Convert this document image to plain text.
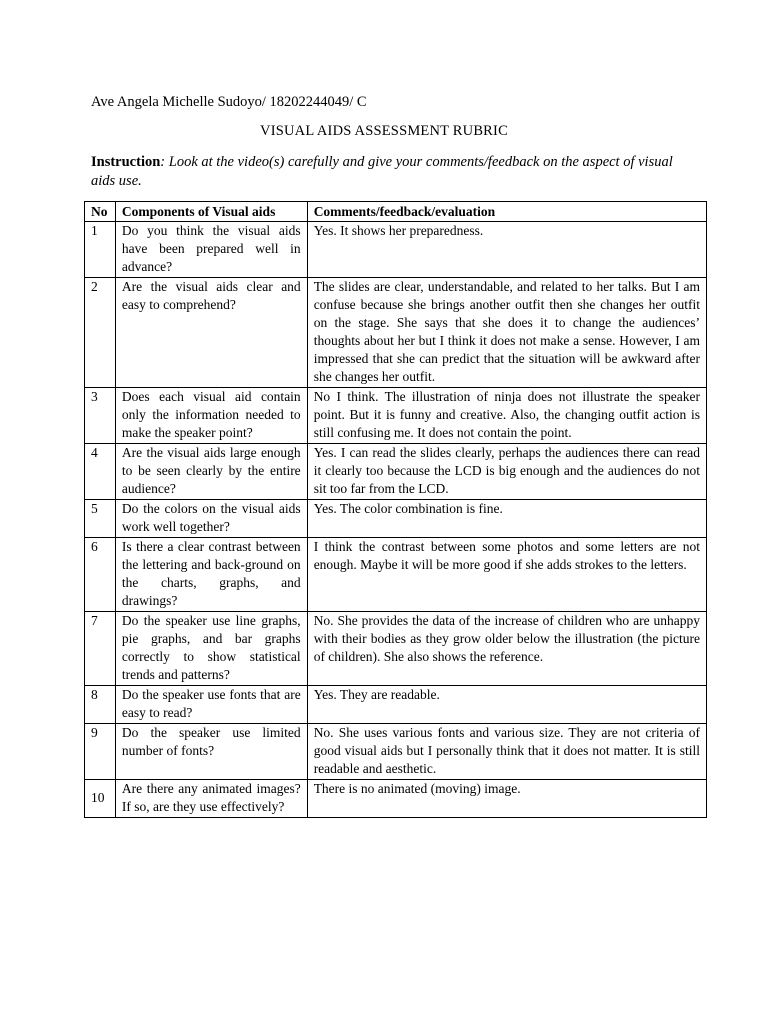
Ave Angela Michelle Sudoyo/ 18202244049/ C
VISUAL AIDS ASSESSMENT RUBRIC
Instruction: Look at the video(s) carefully and give your comments/feedback on the aspect of visual aids use.
No	Components of Visual aids	Comments/feedback/evaluation
1	Do you think the visual aids have been prepared well in advance?	Yes. It shows her preparedness.
2	Are the visual aids clear and easy to comprehend?	The slides are clear, understandable, and related to her talks. But I am confuse because she brings another outfit then she changes her outfit on the stage. She says that she does it to change the audiences’ thoughts about her but I think it does not make a sense. However, I am impressed that she can predict that the situation will be awkward after she changes her outfit.
3	Does each visual aid contain only the information needed to make the speaker point?	No I think. The illustration of ninja does not illustrate the speaker point. But it is funny and creative. Also, the changing outfit action is still confusing me. It does not contain the point.
4	Are the visual aids large enough to be seen clearly by the entire audience?	Yes. I can read the slides clearly, perhaps the audiences there can read it clearly too because the LCD is big enough and the audiences do not sit too far from the LCD.
5	Do the colors on the visual aids work well together?	Yes. The color combination is fine.
6	Is there a clear contrast between the lettering and back-ground on the charts, graphs, and drawings?	I think the contrast between some photos and some letters are not enough. Maybe it will be more good if she adds strokes to the letters.
7	Do the speaker use line graphs, pie graphs, and bar graphs correctly to show statistical trends and patterns?	No. She provides the data of the increase of children who are unhappy with their bodies as they grow older below the illustration (the picture of children). She also shows the reference.
8	Do the speaker use fonts that are easy to read?	Yes. They are readable.
9	Do the speaker use limited number of fonts?	No. She uses various fonts and various size. They are not criteria of good visual aids but I personally think that it does not matter. It is still readable and aesthetic.
10	Are there any animated images? If so, are they use effectively?	There is no animated (moving) image.
